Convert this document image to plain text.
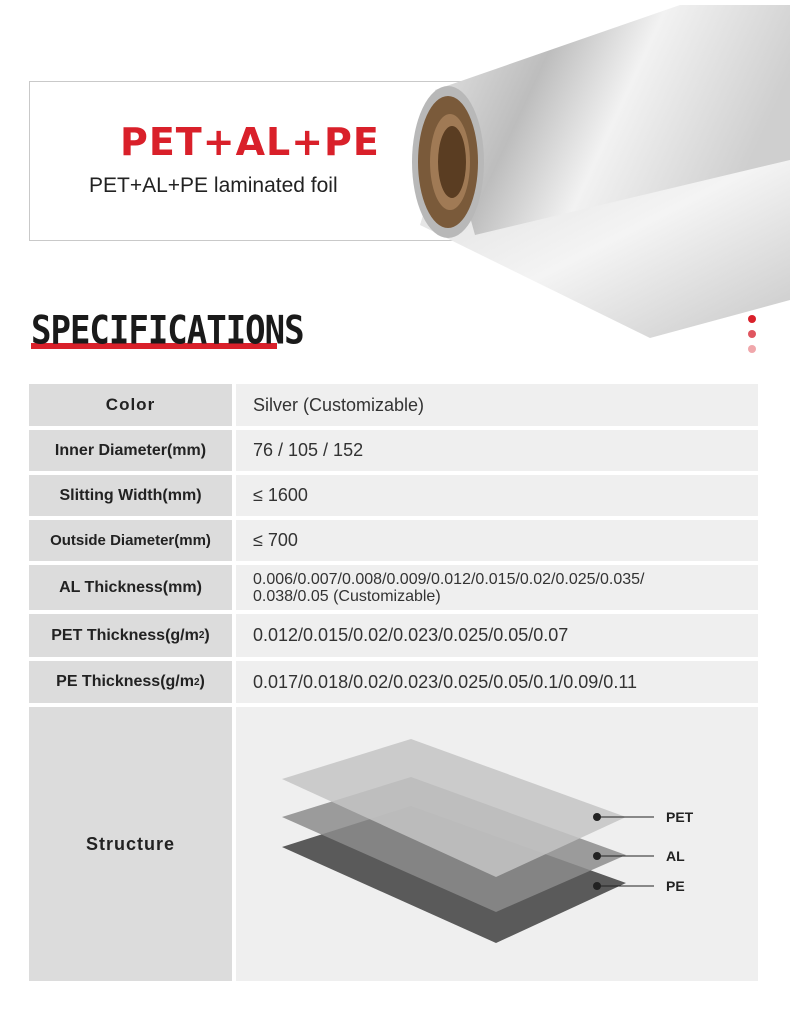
PET+AL+PE
PET+AL+PE laminated foil
SPECIFICATIONS
Color	Silver (Customizable)
Inner Diameter(mm)	76 / 105 / 152
Slitting Width(mm)	≤ 1600
Outside Diameter(mm)	≤ 700
AL Thickness(mm)	0.006/0.007/0.008/0.009/0.012/0.015/0.02/0.025/0.035/
0.038/0.05 (Customizable)
PET Thickness(g/m 2 )	0.012/0.015/0.02/0.023/0.025/0.05/0.07
PE Thickness(g/m 2 )	0.017/0.018/0.02/0.023/0.025/0.05/0.1/0.09/0.11
Structure
PET
AL
PE
